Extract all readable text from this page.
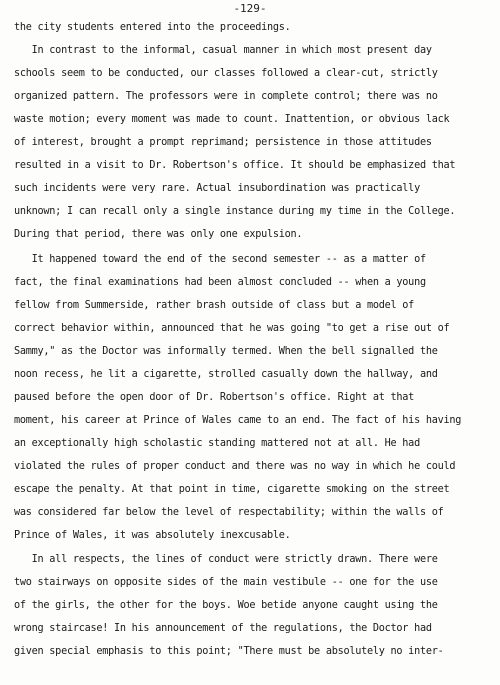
-129-
the city students entered into the proceedings.
In contrast to the informal, casual manner in which most present day
schools seem to be conducted, our classes followed a clear-cut, strictly
organized pattern. The professors were in complete control; there was no
waste motion; every moment was made to count. Inattention, or obvious lack
of interest, brought a prompt reprimand; persistence in those attitudes
resulted in a visit to Dr. Robertson's office. It should be emphasized that
such incidents were very rare. Actual insubordination was practically
unknown; I can recall only a single instance during my time in the College.
During that period, there was only one expulsion.
It happened toward the end of the second semester -- as a matter of
fact, the final examinations had been almost concluded -- when a young
fellow from Summerside, rather brash outside of class but a model of
correct behavior within, announced that he was going "to get a rise out of
Sammy," as the Doctor was informally termed. When the bell signalled the
noon recess, he lit a cigarette, strolled casually down the hallway, and
paused before the open door of Dr. Robertson's office. Right at that
moment, his career at Prince of Wales came to an end. The fact of his having
an exceptionally high scholastic standing mattered not at all. He had
violated the rules of proper conduct and there was no way in which he could
escape the penalty. At that point in time, cigarette smoking on the street
was considered far below the level of respectability; within the walls of
Prince of Wales, it was absolutely inexcusable.
In all respects, the lines of conduct were strictly drawn. There were
two stairways on opposite sides of the main vestibule -- one for the use
of the girls, the other for the boys. Woe betide anyone caught using the
wrong staircase! In his announcement of the regulations, the Doctor had
given special emphasis to this point; "There must be absolutely no inter-
